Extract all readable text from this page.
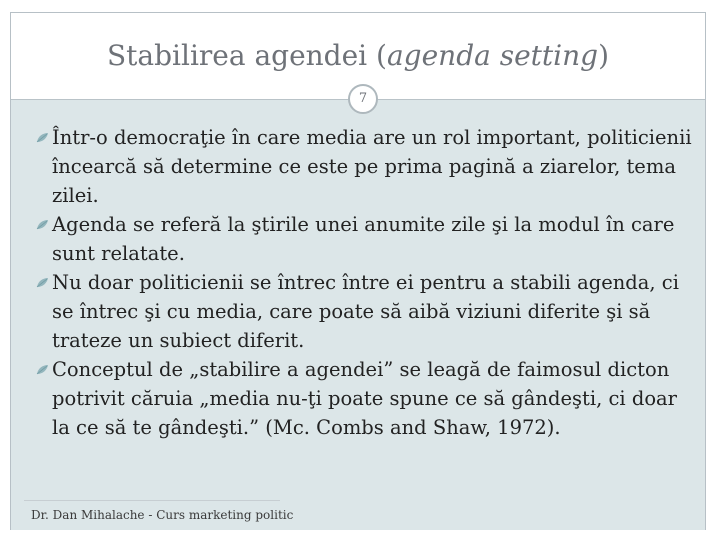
Stabilirea agendei (agenda setting)
7
Într-o democraţie în care media are un rol important, politicienii încearcă să determine ce este pe prima pagină a ziarelor, tema zilei.
Agenda se referă la ştirile unei anumite zile şi la modul în care sunt relatate.
Nu doar politicienii se întrec între ei pentru a stabili agenda, ci se întrec şi cu media, care poate să aibă viziuni diferite şi să trateze un subiect diferit.
Conceptul de „stabilire a agendei” se leagă de faimosul dicton potrivit căruia „media nu-ţi poate spune ce să gândeşti, ci doar la ce să te gândeşti.” (Mc. Combs and Shaw, 1972).
Dr. Dan Mihalache - Curs marketing politic
